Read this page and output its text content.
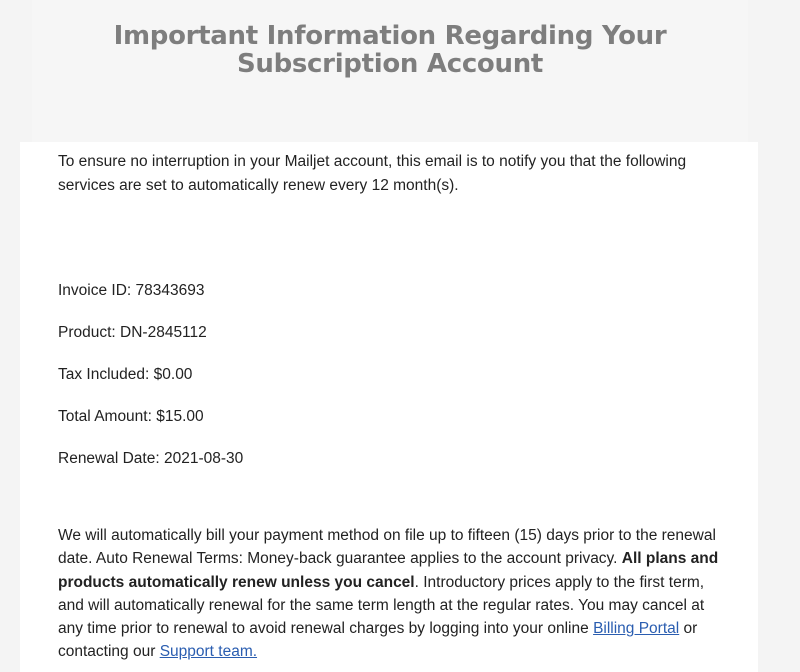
Important Information Regarding Your Subscription Account

To ensure no interruption in your Mailjet account, this email is to notify you that the following services are set to automatically renew every 12 month(s).

Invoice ID: 78343693

Product: DN-2845112

Tax Included: $0.00

Total Amount: $15.00

Renewal Date: 2021-08-30

We will automatically bill your payment method on file up to fifteen (15) days prior to the renewal date. Auto Renewal Terms: Money-back guarantee applies to the account privacy. All plans and products automatically renew unless you cancel. Introductory prices apply to the first term, and will automatically renewal for the same term length at the regular rates. You may cancel at any time prior to renewal to avoid renewal charges by logging into your online Billing Portal or contacting our Support team.
